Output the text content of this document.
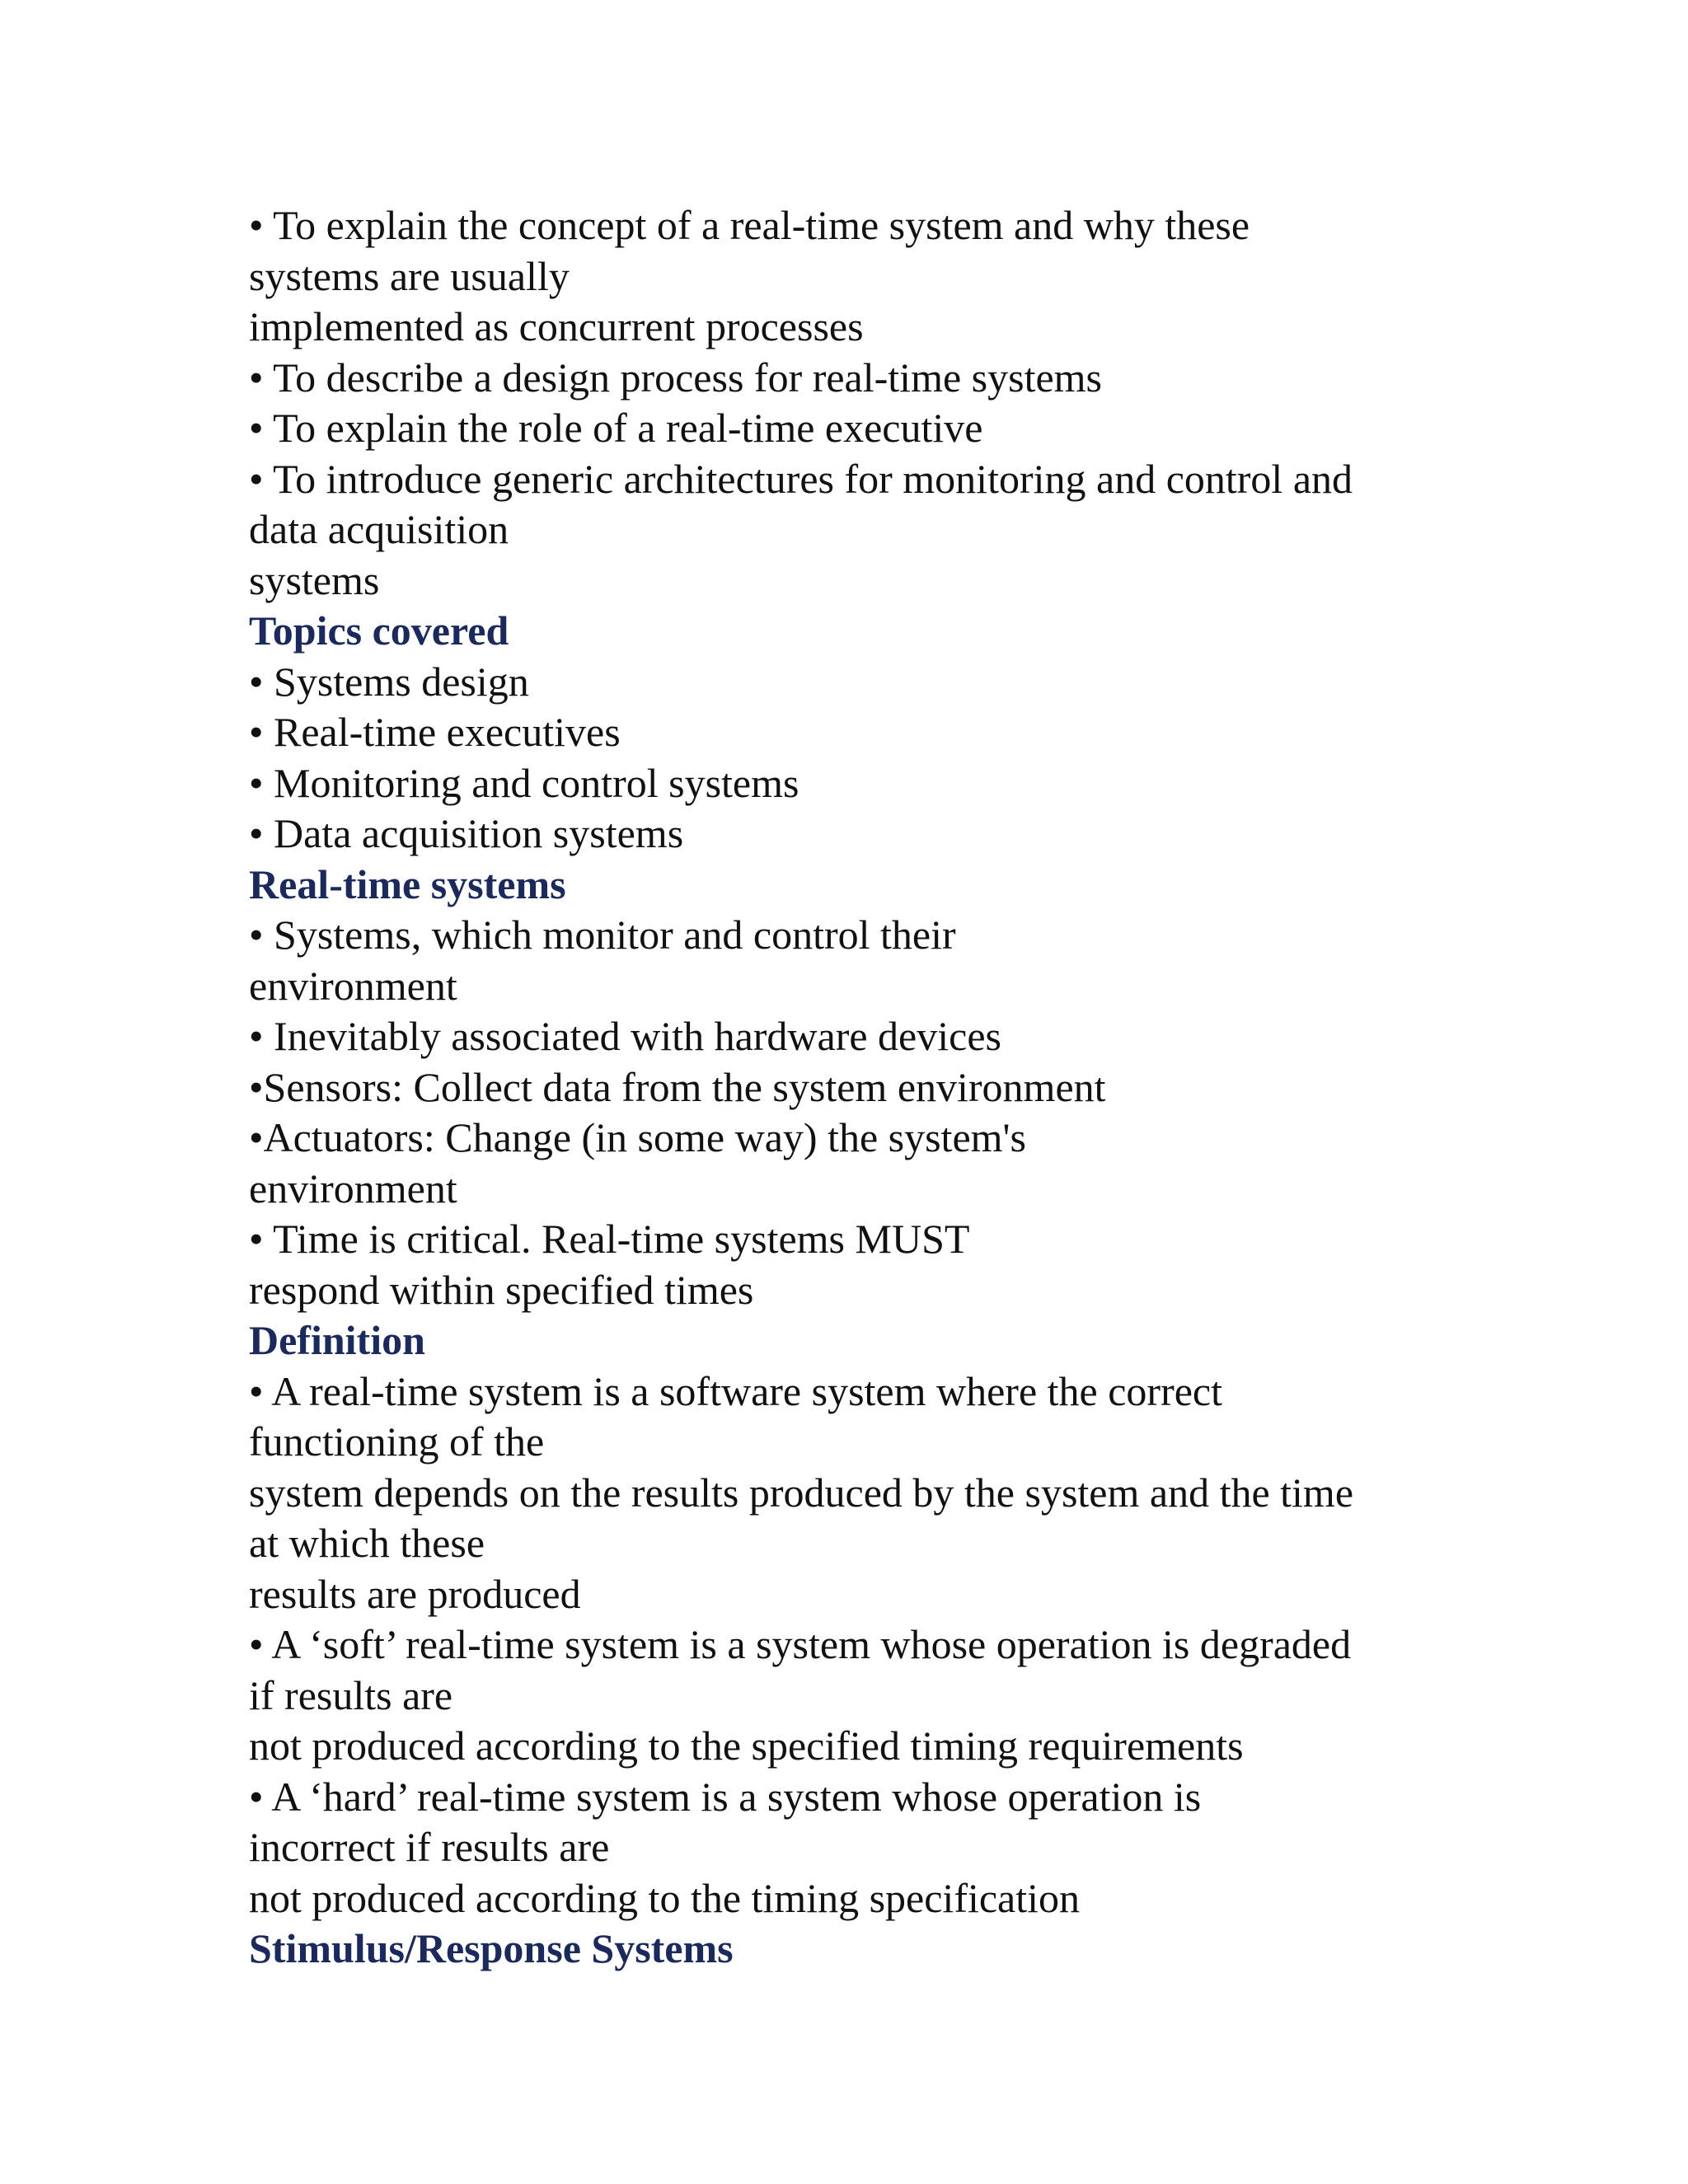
• To explain the concept of a real-time system and why these
systems are usually
implemented as concurrent processes
• To describe a design process for real-time systems
• To explain the role of a real-time executive
• To introduce generic architectures for monitoring and control and
data acquisition
systems
Topics covered
• Systems design
• Real-time executives
• Monitoring and control systems
• Data acquisition systems
Real-time systems
• Systems, which monitor and control their
environment
• Inevitably associated with hardware devices
•Sensors: Collect data from the system environment
•Actuators: Change (in some way) the system's
environment
• Time is critical. Real-time systems MUST
respond within specified times
Definition
• A real-time system is a software system where the correct
functioning of the
system depends on the results produced by the system and the time
at which these
results are produced
• A ‘soft’ real-time system is a system whose operation is degraded
if results are
not produced according to the specified timing requirements
• A ‘hard’ real-time system is a system whose operation is
incorrect if results are
not produced according to the timing specification
Stimulus/Response Systems
